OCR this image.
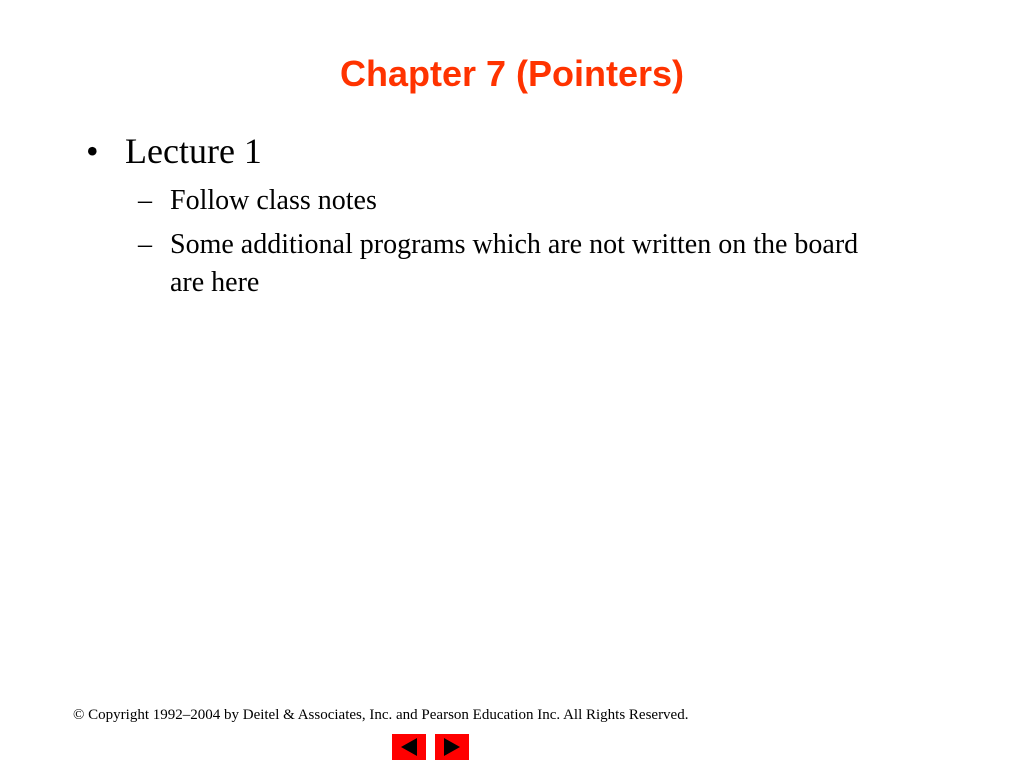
Chapter 7 (Pointers)
• Lecture 1
– Follow class notes
– Some additional programs which are not written on the board are here
© Copyright 1992–2004 by Deitel & Associates, Inc. and Pearson Education Inc. All Rights Reserved.
